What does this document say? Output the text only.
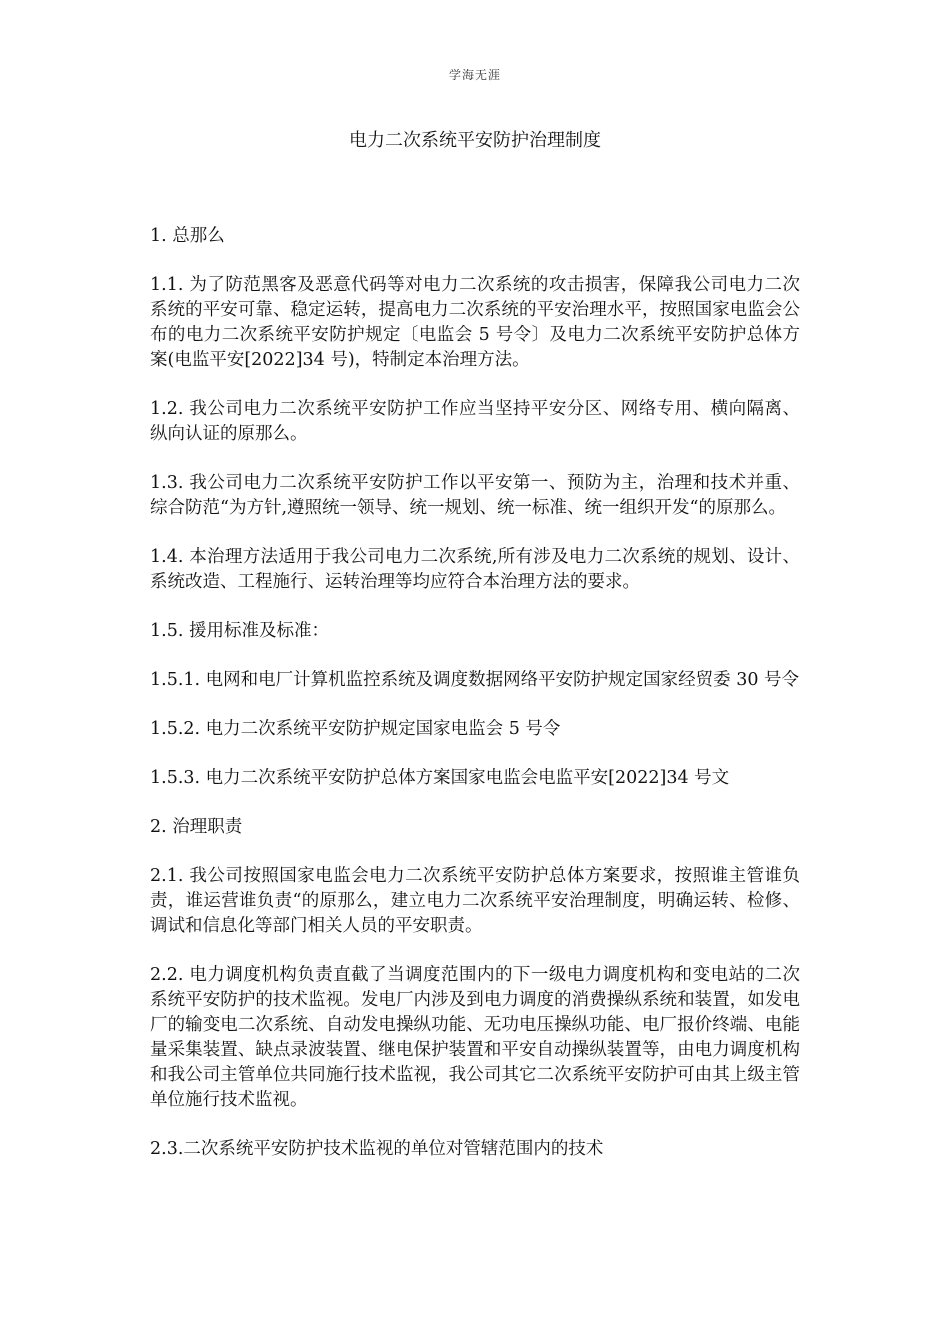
学海无涯
电力二次系统平安防护治理制度

1. 总那么

1.1. 为了防范黑客及恶意代码等对电力二次系统的攻击损害，保障我公司电力二次系统的平安可靠、稳定运转，提高电力二次系统的平安治理水平，按照国家电监会公布的电力二次系统平安防护规定〔电监会 5 号令〕及电力二次系统平安防护总体方案(电监平安[2022]34 号)，特制定本治理方法。

1.2. 我公司电力二次系统平安防护工作应当坚持平安分区、网络专用、横向隔离、纵向认证的原那么。

1.3. 我公司电力二次系统平安防护工作以平安第一、预防为主，治理和技术并重、综合防范“为方针,遵照统一领导、统一规划、统一标准、统一组织开发“的原那么。

1.4. 本治理方法适用于我公司电力二次系统,所有涉及电力二次系统的规划、设计、系统改造、工程施行、运转治理等均应符合本治理方法的要求。

1.5. 援用标准及标准：

1.5.1. 电网和电厂计算机监控系统及调度数据网络平安防护规定国家经贸委 30 号令

1.5.2. 电力二次系统平安防护规定国家电监会 5 号令

1.5.3. 电力二次系统平安防护总体方案国家电监会电监平安[2022]34 号文

2. 治理职责

2.1. 我公司按照国家电监会电力二次系统平安防护总体方案要求，按照谁主管谁负责，谁运营谁负责“的原那么，建立电力二次系统平安治理制度，明确运转、检修、调试和信息化等部门相关人员的平安职责。

2.2. 电力调度机构负责直截了当调度范围内的下一级电力调度机构和变电站的二次系统平安防护的技术监视。发电厂内涉及到电力调度的消费操纵系统和装置，如发电厂的输变电二次系统、自动发电操纵功能、无功电压操纵功能、电厂报价终端、电能量采集装置、缺点录波装置、继电保护装置和平安自动操纵装置等，由电力调度机构和我公司主管单位共同施行技术监视，我公司其它二次系统平安防护可由其上级主管单位施行技术监视。

2.3.二次系统平安防护技术监视的单位对管辖范围内的技术
